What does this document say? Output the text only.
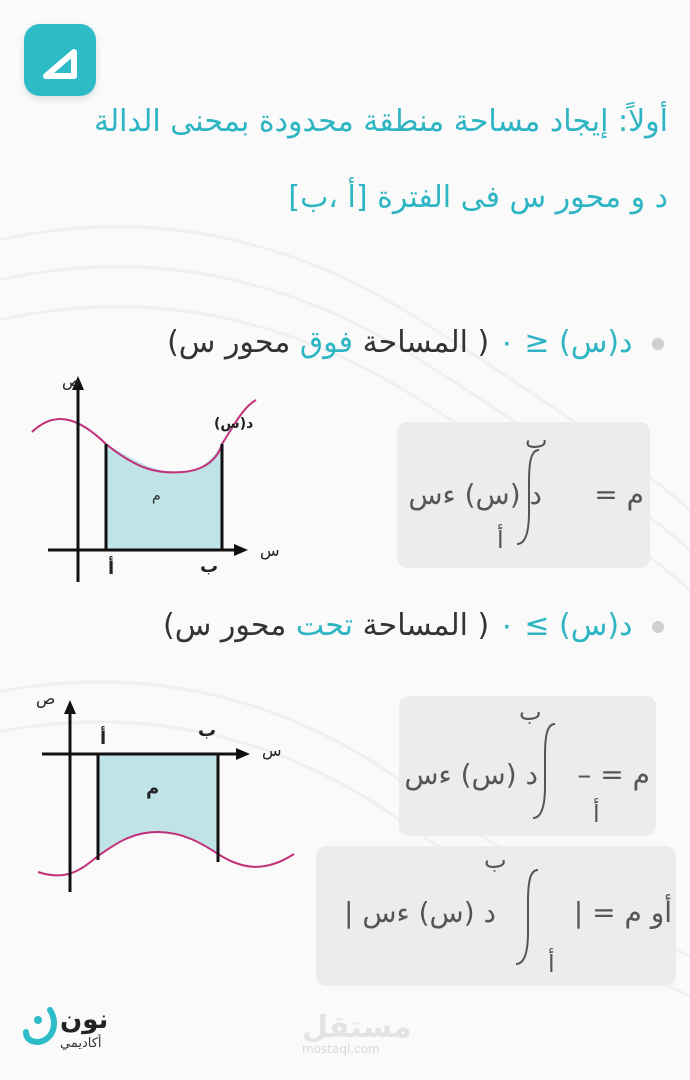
أولاً: إيجاد مساحة منطقة محدودة بمحنى الدالة
د و محور س فى الفترة [أ ،ب]
د(س) ≤ ٠ ( المساحة فوق محور س)
ص
س
د(س)
م
أ	ب
م =
د (س) ءس
ب
أ
د(س) ≥ ٠ ( المساحة تحت محور س)
ص
س
م
أ	ب
م = –
د (س) ءس
ب
أ
أو م = |
د (س) ءس |
ب
أ
نون
أكاديمي	مستقل
mostaql.com
